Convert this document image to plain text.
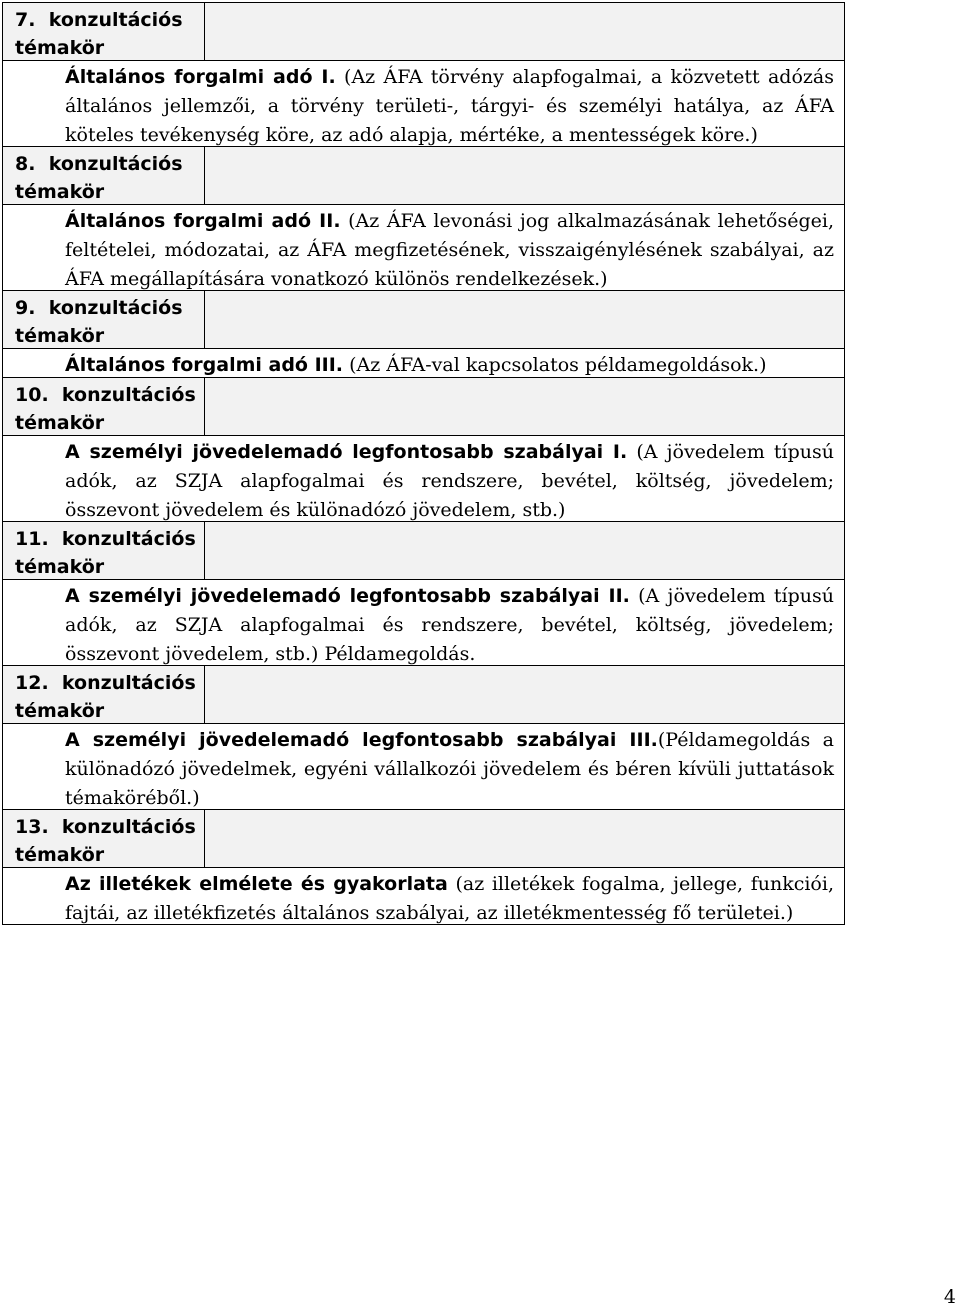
7. konzultációs
témakör
Általános forgalmi adó I. (Az ÁFA törvény alapfogalmai, a közvetett adózás általános jellemzői, a törvény területi-, tárgyi- és személyi hatálya, az ÁFA köteles tevékenység köre, az adó alapja, mértéke, a mentességek köre.)
8. konzultációs
témakör
Általános forgalmi adó II. (Az ÁFA levonási jog alkalmazásának lehetőségei, feltételei, módozatai, az ÁFA megfizetésének, visszaigénylésének szabályai, az ÁFA megállapítására vonatkozó különös rendelkezések.)
9. konzultációs
témakör
Általános forgalmi adó III. (Az ÁFA-val kapcsolatos példamegoldások.)
10. konzultációs
témakör
A személyi jövedelemadó legfontosabb szabályai I. (A jövedelem típusú adók, az SZJA alapfogalmai és rendszere, bevétel, költség, jövedelem; összevont jövedelem és különadózó jövedelem, stb.)
11. konzultációs
témakör
A személyi jövedelemadó legfontosabb szabályai II. (A jövedelem típusú adók, az SZJA alapfogalmai és rendszere, bevétel, költség, jövedelem; összevont jövedelem, stb.) Példamegoldás.
12. konzultációs
témakör
A személyi jövedelemadó legfontosabb szabályai III.(Példamegoldás a különadózó jövedelmek, egyéni vállalkozói jövedelem és béren kívüli juttatások témaköréből.)
13. konzultációs
témakör
Az illetékek elmélete és gyakorlata (az illetékek fogalma, jellege, funkciói, fajtái, az illetékfizetés általános szabályai, az illetékmentesség fő területei.)
4
